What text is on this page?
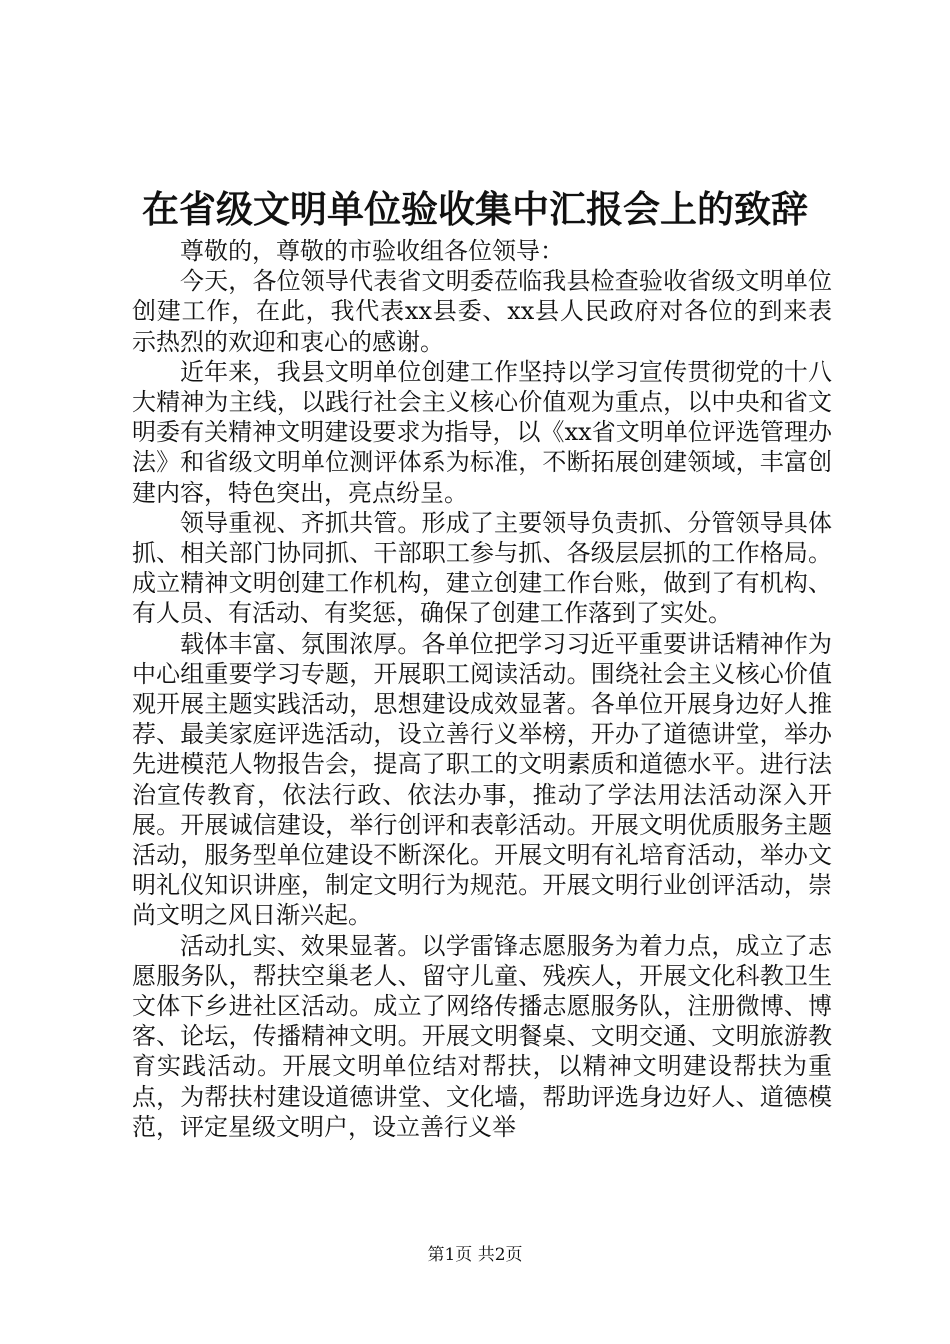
在省级文明单位验收集中汇报会上的致辞

尊敬的，尊敬的市验收组各位领导：

今天，各位领导代表省文明委莅临我县检查验收省级文明单位创建工作，在此，我代表xx县委、xx县人民政府对各位的到来表示热烈的欢迎和衷心的感谢。

近年来，我县文明单位创建工作坚持以学习宣传贯彻党的十八大精神为主线，以践行社会主义核心价值观为重点，以中央和省文明委有关精神文明建设要求为指导，以《xx省文明单位评选管理办法》和省级文明单位测评体系为标准，不断拓展创建领域，丰富创建内容，特色突出，亮点纷呈。

领导重视、齐抓共管。形成了主要领导负责抓、分管领导具体抓、相关部门协同抓、干部职工参与抓、各级层层抓的工作格局。成立精神文明创建工作机构，建立创建工作台账，做到了有机构、有人员、有活动、有奖惩，确保了创建工作落到了实处。

载体丰富、氛围浓厚。各单位把学习习近平重要讲话精神作为中心组重要学习专题，开展职工阅读活动。围绕社会主义核心价值观开展主题实践活动，思想建设成效显著。各单位开展身边好人推荐、最美家庭评选活动，设立善行义举榜，开办了道德讲堂，举办先进模范人物报告会，提高了职工的文明素质和道德水平。进行法治宣传教育，依法行政、依法办事，推动了学法用法活动深入开展。开展诚信建设，举行创评和表彰活动。开展文明优质服务主题活动，服务型单位建设不断深化。开展文明有礼培育活动，举办文明礼仪知识讲座，制定文明行为规范。开展文明行业创评活动，崇尚文明之风日渐兴起。

活动扎实、效果显著。以学雷锋志愿服务为着力点，成立了志愿服务队，帮扶空巢老人、留守儿童、残疾人，开展文化科教卫生文体下乡进社区活动。成立了网络传播志愿服务队，注册微博、博客、论坛，传播精神文明。开展文明餐桌、文明交通、文明旅游教育实践活动。开展文明单位结对帮扶，以精神文明建设帮扶为重点，为帮扶村建设道德讲堂、文化墙，帮助评选身边好人、道德模范，评定星级文明户，设立善行义举

第1页 共2页
